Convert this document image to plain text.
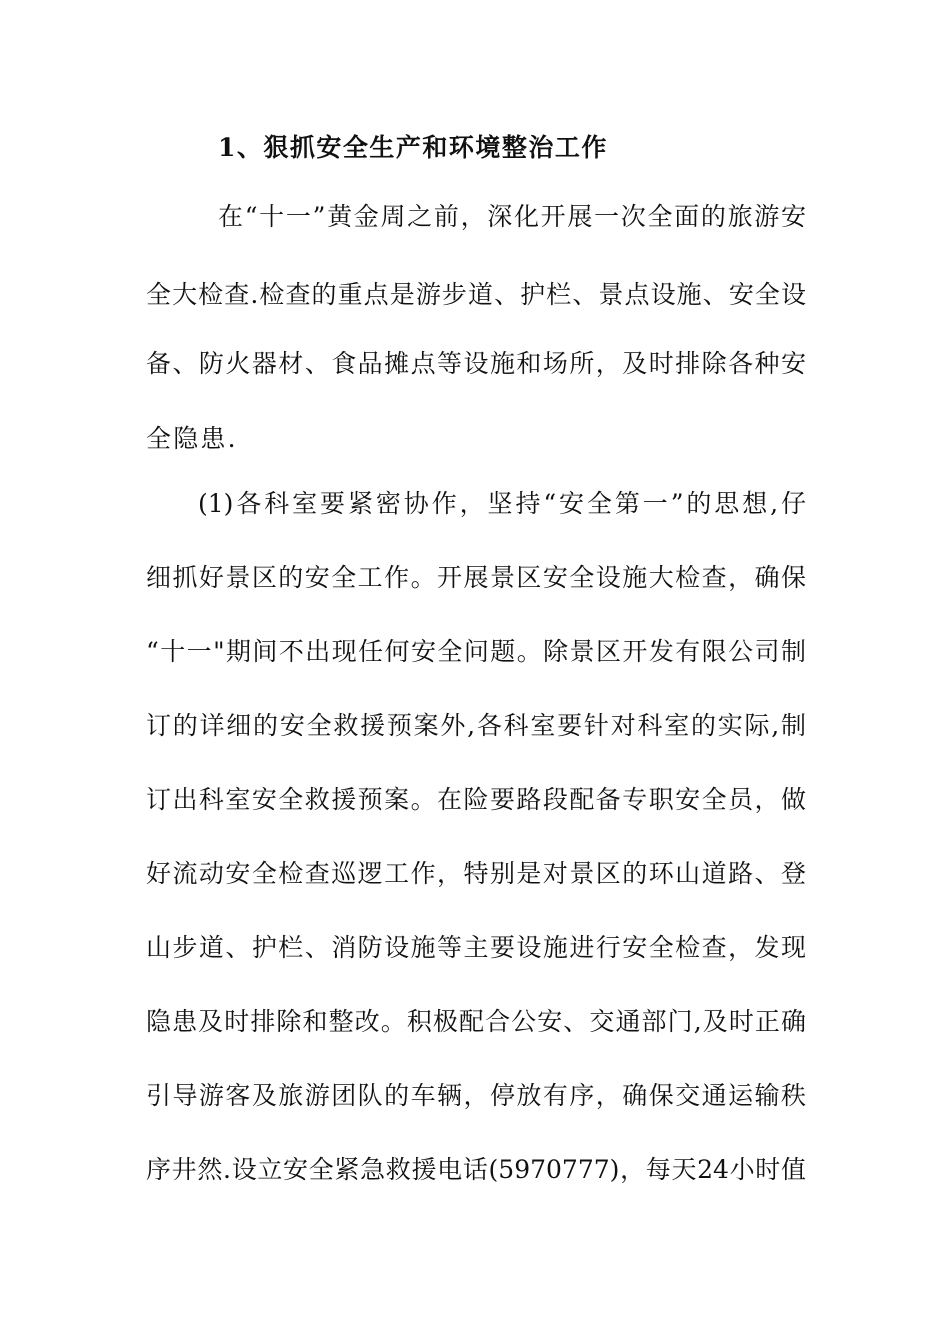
1、狠抓安全生产和环境整治工作
在“十一”黄金周之前，深化开展一次全面的旅游安
全大检查.检查的重点是游步道、护栏、景点设施、安全设
备、防火器材、食品摊点等设施和场所，及时排除各种安
全隐患.
(1)各科室要紧密协作，坚持“安全第一”的思想,仔
细抓好景区的安全工作。开展景区安全设施大检查，确保
“十一"期间不出现任何安全问题。除景区开发有限公司制
订的详细的安全救援预案外,各科室要针对科室的实际,制
订出科室安全救援预案。在险要路段配备专职安全员，做
好流动安全检查巡逻工作，特别是对景区的环山道路、登
山步道、护栏、消防设施等主要设施进行安全检查，发现
隐患及时排除和整改。积极配合公安、交通部门,及时正确
引导游客及旅游团队的车辆，停放有序，确保交通运输秩
序井然.设立安全紧急救援电话(5970777)，每天24小时值
